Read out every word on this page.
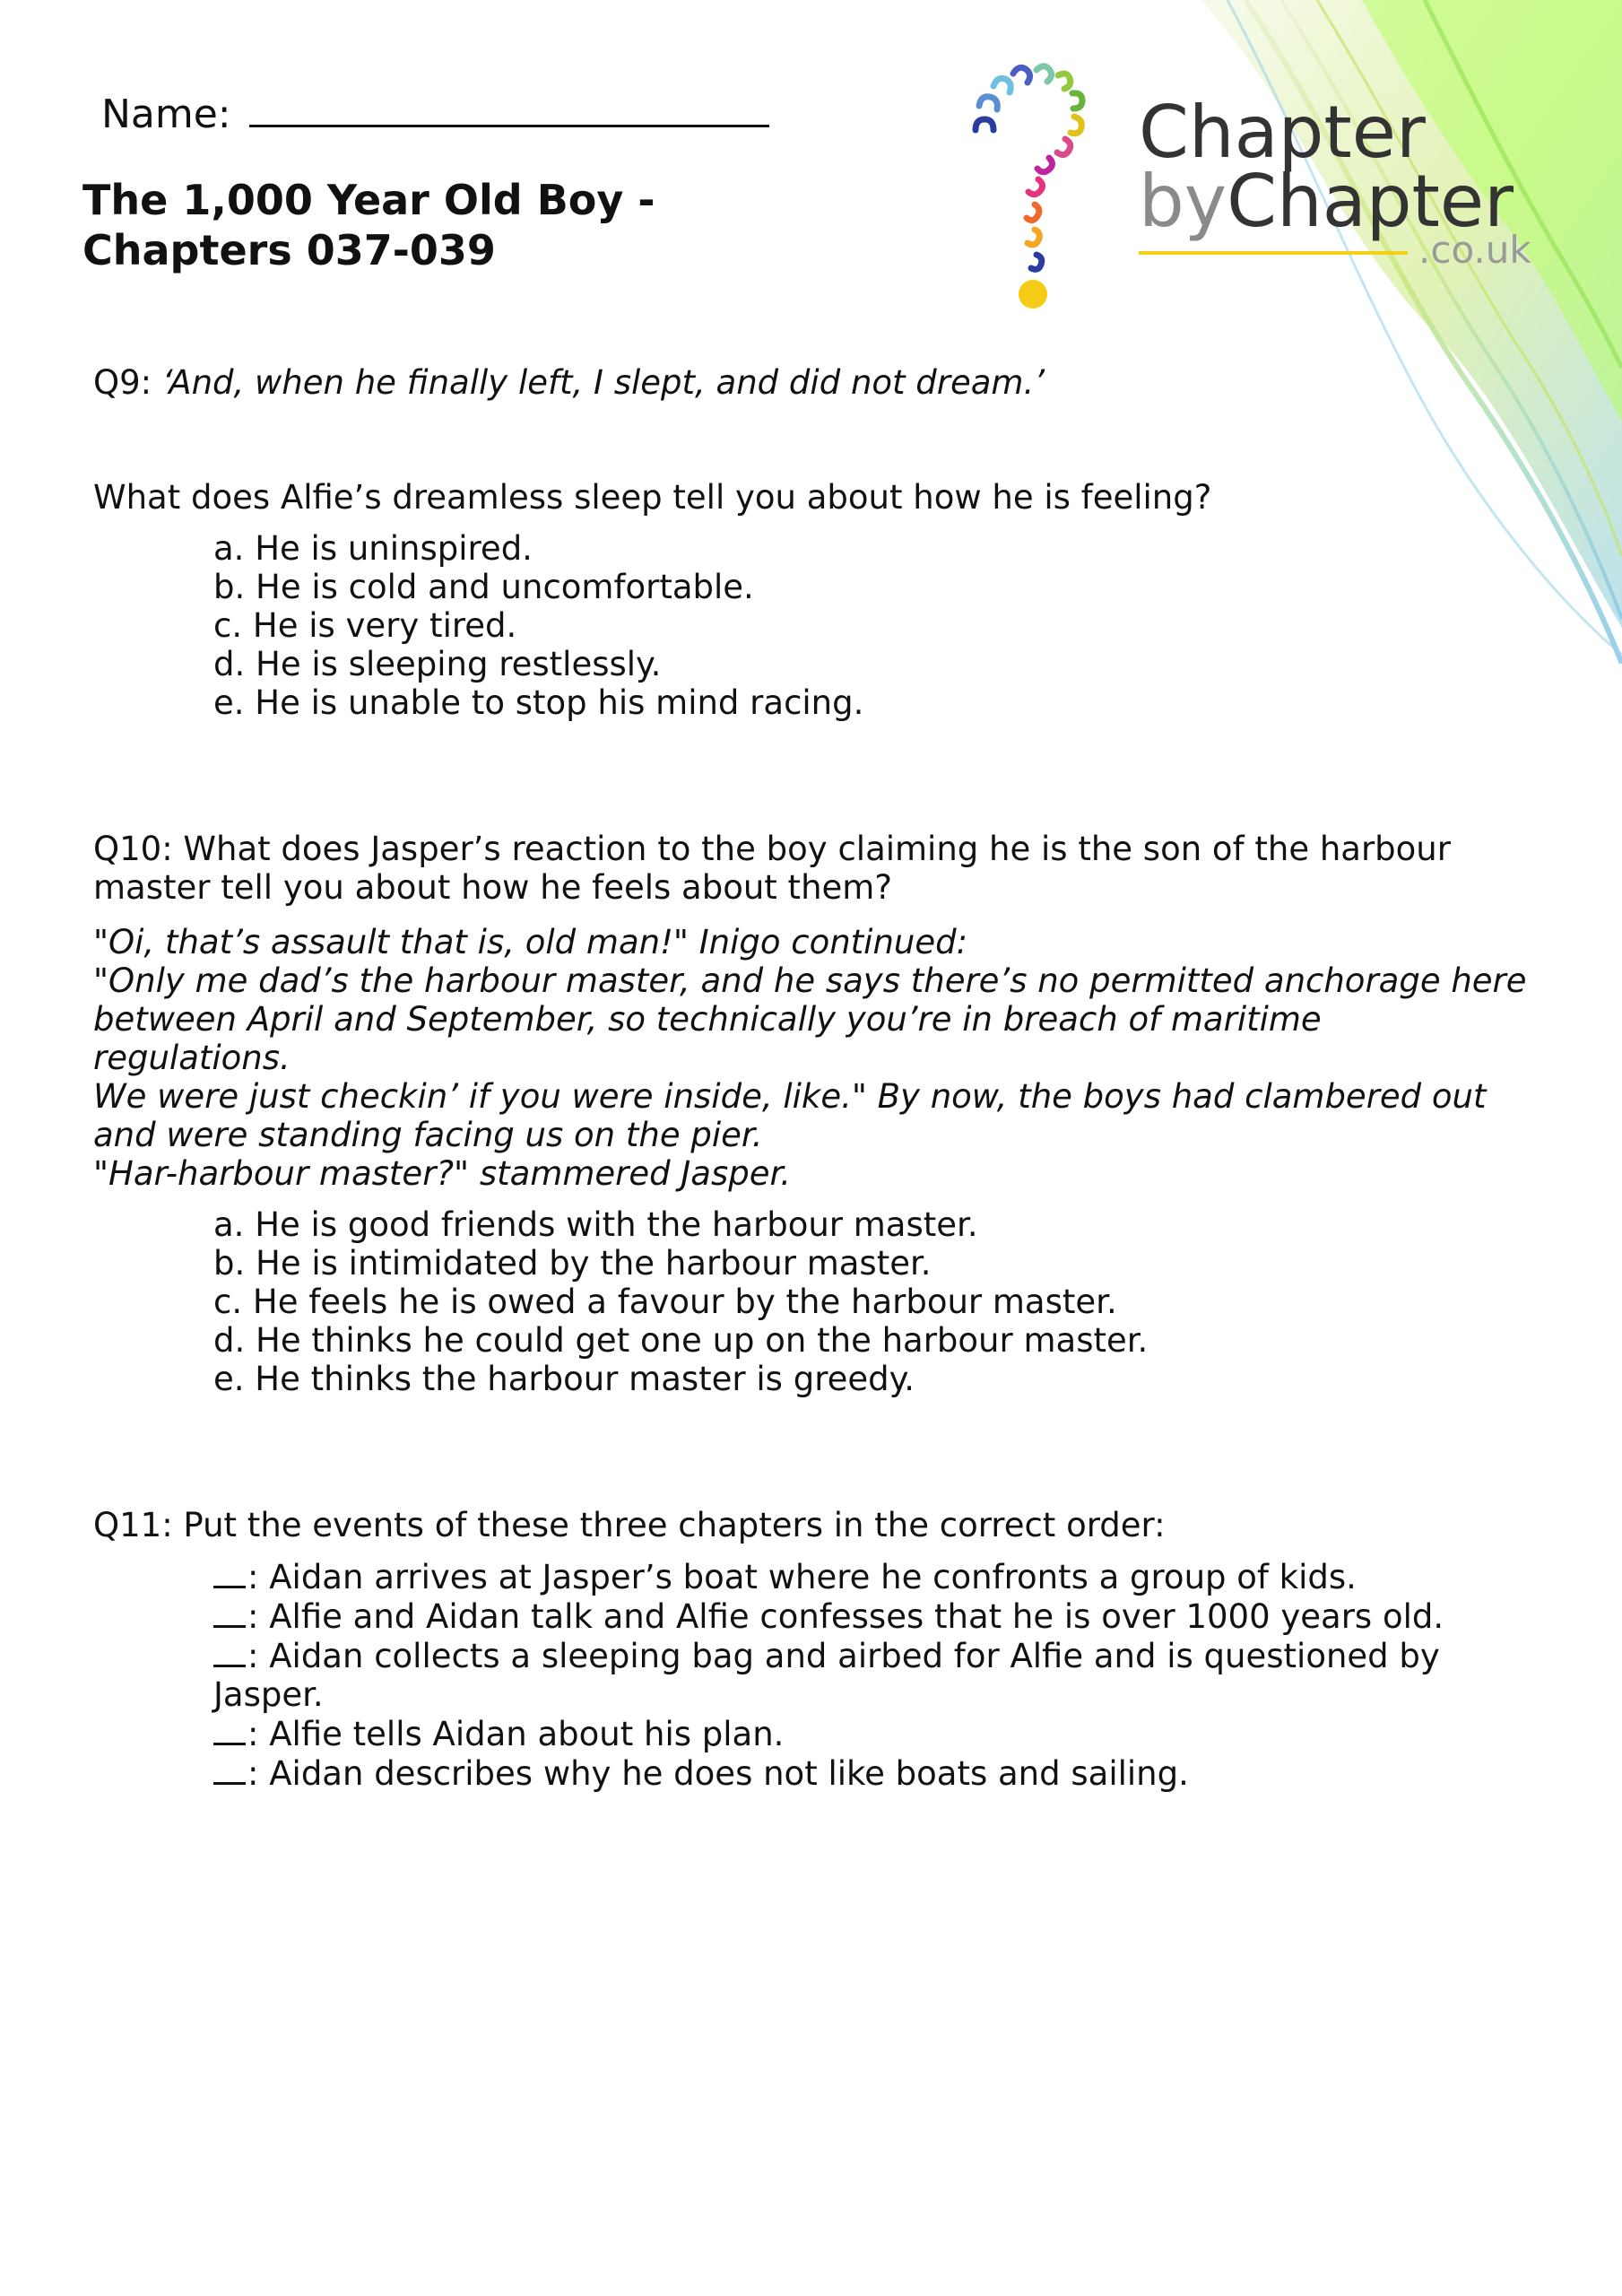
Name:
The 1,000 Year Old Boy -
Chapters 037-039
Chapter
byChapter
.co.uk
Q9: ‘And, when he finally left, I slept, and did not dream.’
What does Alfie’s dreamless sleep tell you about how he is feeling?
a. He is uninspired.
b. He is cold and uncomfortable.
c. He is very tired.
d. He is sleeping restlessly.
e. He is unable to stop his mind racing.
Q10: What does Jasper’s reaction to the boy claiming he is the son of the harbour
master tell you about how he feels about them?
"Oi, that’s assault that is, old man!" Inigo continued:
"Only me dad’s the harbour master, and he says there’s no permitted anchorage here
between April and September, so technically you’re in breach of maritime regulations.
We were just checkin’ if you were inside, like." By now, the boys had clambered out
and were standing facing us on the pier.
"Har-harbour master?" stammered Jasper.
a. He is good friends with the harbour master.
b. He is intimidated by the harbour master.
c. He feels he is owed a favour by the harbour master.
d. He thinks he could get one up on the harbour master.
e. He thinks the harbour master is greedy.
Q11: Put the events of these three chapters in the correct order:
: Aidan arrives at Jasper’s boat where he confronts a group of kids.
: Alfie and Aidan talk and Alfie confesses that he is over 1000 years old.
: Aidan collects a sleeping bag and airbed for Alfie and is questioned by
Jasper.
: Alfie tells Aidan about his plan.
: Aidan describes why he does not like boats and sailing.
